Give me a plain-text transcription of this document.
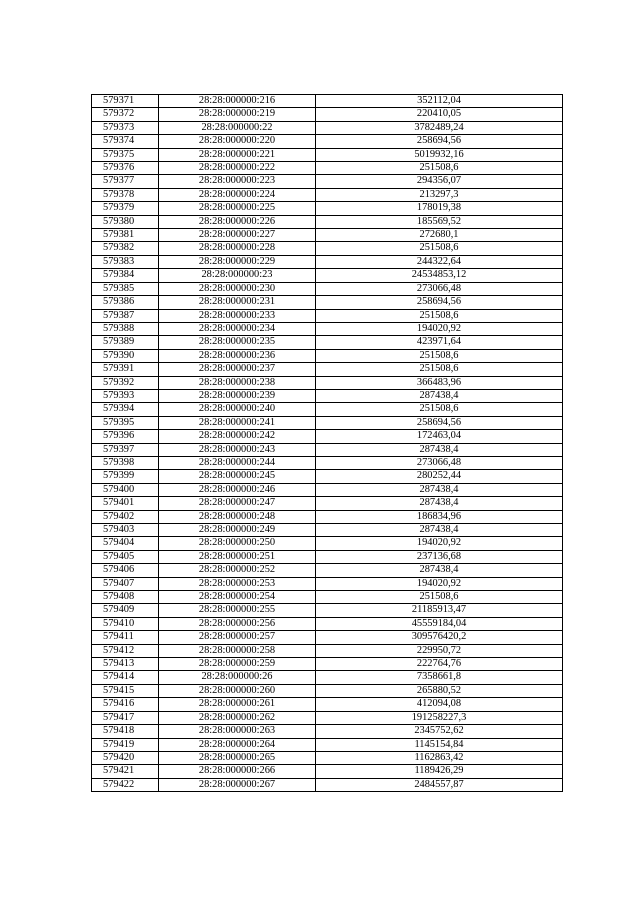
579371	28:28:000000:216	352112,04
579372	28:28:000000:219	220410,05
579373	28:28:000000:22	3782489,24
579374	28:28:000000:220	258694,56
579375	28:28:000000:221	5019932,16
579376	28:28:000000:222	251508,6
579377	28:28:000000:223	294356,07
579378	28:28:000000:224	213297,3
579379	28:28:000000:225	178019,38
579380	28:28:000000:226	185569,52
579381	28:28:000000:227	272680,1
579382	28:28:000000:228	251508,6
579383	28:28:000000:229	244322,64
579384	28:28:000000:23	24534853,12
579385	28:28:000000:230	273066,48
579386	28:28:000000:231	258694,56
579387	28:28:000000:233	251508,6
579388	28:28:000000:234	194020,92
579389	28:28:000000:235	423971,64
579390	28:28:000000:236	251508,6
579391	28:28:000000:237	251508,6
579392	28:28:000000:238	366483,96
579393	28:28:000000:239	287438,4
579394	28:28:000000:240	251508,6
579395	28:28:000000:241	258694,56
579396	28:28:000000:242	172463,04
579397	28:28:000000:243	287438,4
579398	28:28:000000:244	273066,48
579399	28:28:000000:245	280252,44
579400	28:28:000000:246	287438,4
579401	28:28:000000:247	287438,4
579402	28:28:000000:248	186834,96
579403	28:28:000000:249	287438,4
579404	28:28:000000:250	194020,92
579405	28:28:000000:251	237136,68
579406	28:28:000000:252	287438,4
579407	28:28:000000:253	194020,92
579408	28:28:000000:254	251508,6
579409	28:28:000000:255	21185913,47
579410	28:28:000000:256	45559184,04
579411	28:28:000000:257	309576420,2
579412	28:28:000000:258	229950,72
579413	28:28:000000:259	222764,76
579414	28:28:000000:26	7358661,8
579415	28:28:000000:260	265880,52
579416	28:28:000000:261	412094,08
579417	28:28:000000:262	191258227,3
579418	28:28:000000:263	2345752,62
579419	28:28:000000:264	1145154,84
579420	28:28:000000:265	1162863,42
579421	28:28:000000:266	1189426,29
579422	28:28:000000:267	2484557,87
